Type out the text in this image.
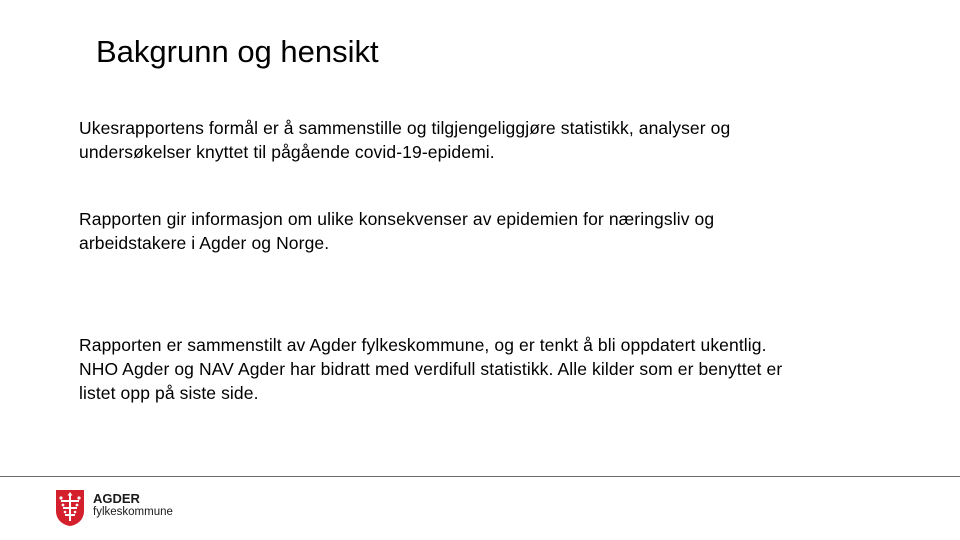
Bakgrunn og hensikt
Ukesrapportens formål er å sammenstille og tilgjengeliggjøre statistikk, analyser og
undersøkelser knyttet til pågående covid-19-epidemi.
Rapporten gir informasjon om ulike konsekvenser av epidemien for næringsliv og
arbeidstakere i Agder og Norge.
Rapporten er sammenstilt av Agder fylkeskommune, og er tenkt å bli oppdatert ukentlig.
NHO Agder og NAV Agder har bidratt med verdifull statistikk. Alle kilder som er benyttet er
listet opp på siste side.
AGDER
fylkeskommune
